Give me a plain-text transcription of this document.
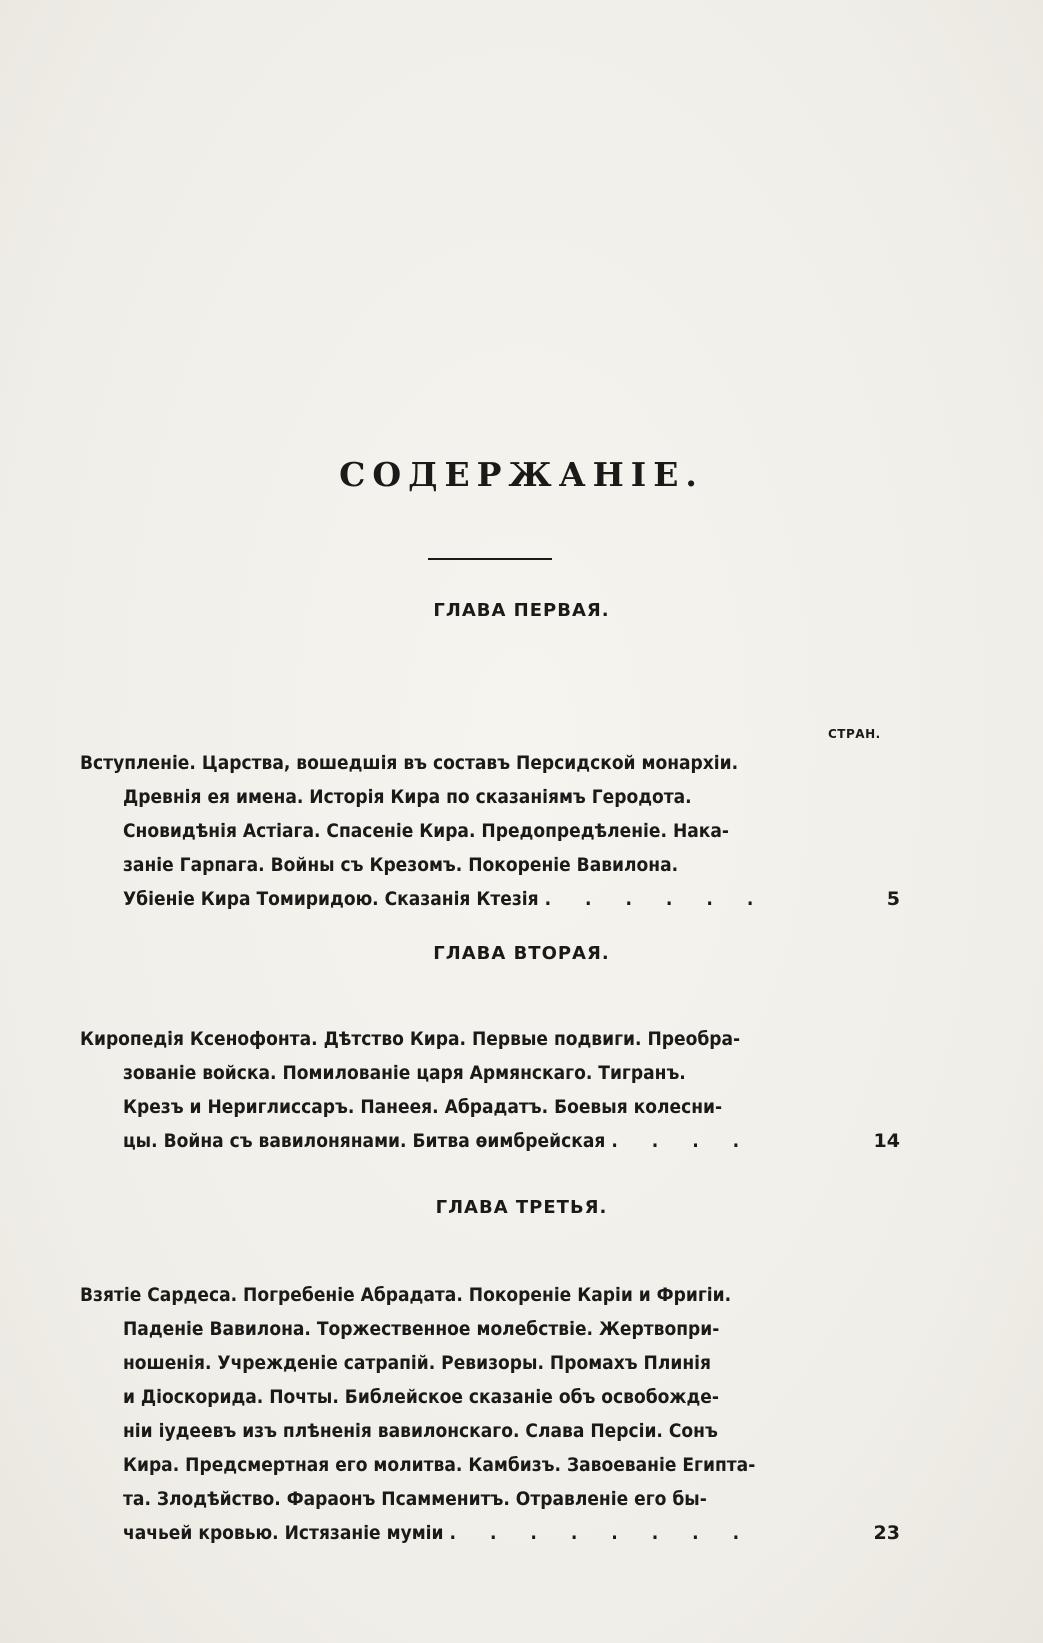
СОДЕРЖАНІЕ.
ГЛАВА ПЕРВАЯ.
СТРАН.
Вступленіе. Царства, вошедшія въ составъ Персидской монархіи.
Древнія ея имена. Исторія Кира по сказаніямъ Геродота.
Сновидѣнія Астіага. Спасеніе Кира. Предопредѣленіе. Нака-
заніе Гарпага. Войны съ Крезомъ. Покореніе Вавилона.
Убіеніе Кира Томиридою. Сказанія Ктезія . . . . . .	5
ГЛАВА ВТОРАЯ.
Киропедія Ксенофонта. Дѣтство Кира. Первые подвиги. Преобра-
зованіе войска. Помилованіе царя Армянскаго. Тигранъ.
Крезъ и Нериглиссаръ. Панеея. Абрадатъ. Боевыя колесни-
цы. Война съ вавилонянами. Битва ѳимбрейская . . . .	14
ГЛАВА ТРЕТЬЯ.
Взятіе Сардеса. Погребеніе Абрадата. Покореніе Каріи и Фригіи.
Паденіе Вавилона. Торжественное молебствіе. Жертвопри-
ношенія. Учрежденіе сатрапій. Ревизоры. Промахъ Плинія
и Діоскорида. Почты. Библейское сказаніе объ освобожде-
ніи іудеевъ изъ плѣненія вавилонскаго. Слава Персіи. Сонъ
Кира. Предсмертная его молитва. Камбизъ. Завоеваніе Египта-
та. Злодѣйство. Фараонъ Псамменитъ. Отравленіе его бы-
чачьей кровью. Истязаніе муміи . . . . . . . .	23
